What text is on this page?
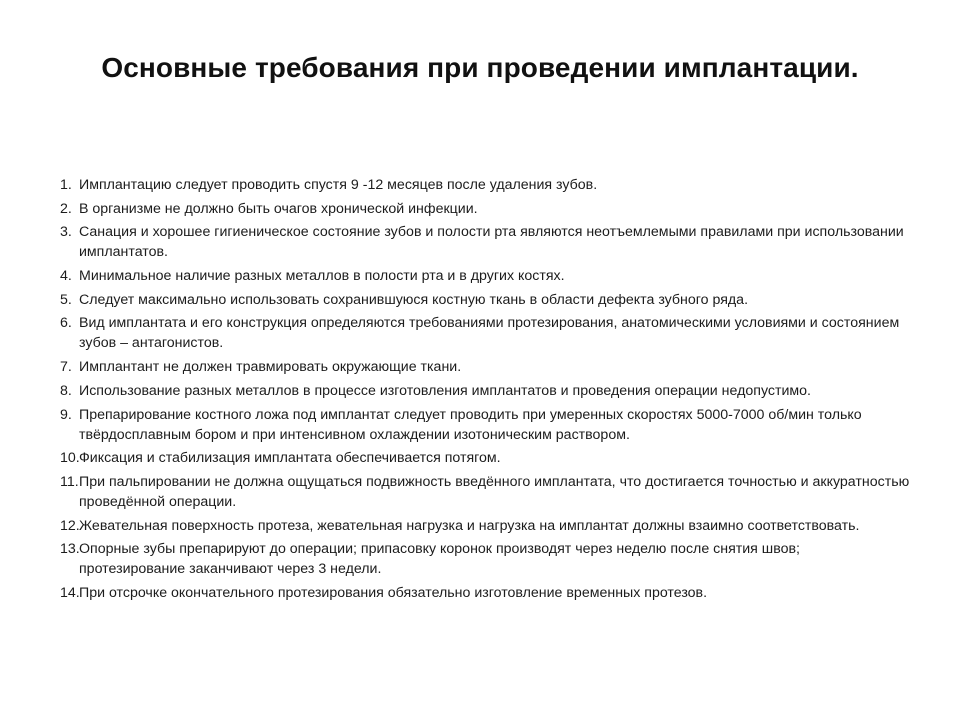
Основные требования при проведении имплантации.
1. Имплантацию следует проводить спустя 9 -12 месяцев после удаления зубов.
2. В организме не должно быть очагов хронической инфекции.
3. Санация и хорошее гигиеническое состояние зубов и полости рта являются неотъемлемыми правилами при использовании имплантатов.
4. Минимальное наличие разных металлов в полости рта и в других костях.
5. Следует максимально использовать сохранившуюся костную ткань в области дефекта зубного ряда.
6. Вид имплантата и его конструкция определяются требованиями протезирования, анатомическими условиями и состоянием зубов – антагонистов.
7. Имплантант не должен травмировать окружающие ткани.
8. Использование разных металлов в процессе изготовления имплантатов и проведения операции недопустимо.
9. Препарирование костного ложа под имплантат следует проводить при умеренных скоростях 5000-7000 об/мин только твёрдосплавным бором и при интенсивном охлаждении изотоническим раствором.
10. Фиксация и стабилизация имплантата обеспечивается потягом.
11. При пальпировании не должна ощущаться подвижность введённого имплантата, что достигается точностью и аккуратностью проведённой операции.
12. Жевательная поверхность протеза, жевательная нагрузка и нагрузка на имплантат должны взаимно соответствовать.
13. Опорные зубы препарируют до операции; припасовку коронок производят через неделю после снятия швов; протезирование заканчивают через 3 недели.
14. При отсрочке окончательного протезирования обязательно изготовление временных протезов.
